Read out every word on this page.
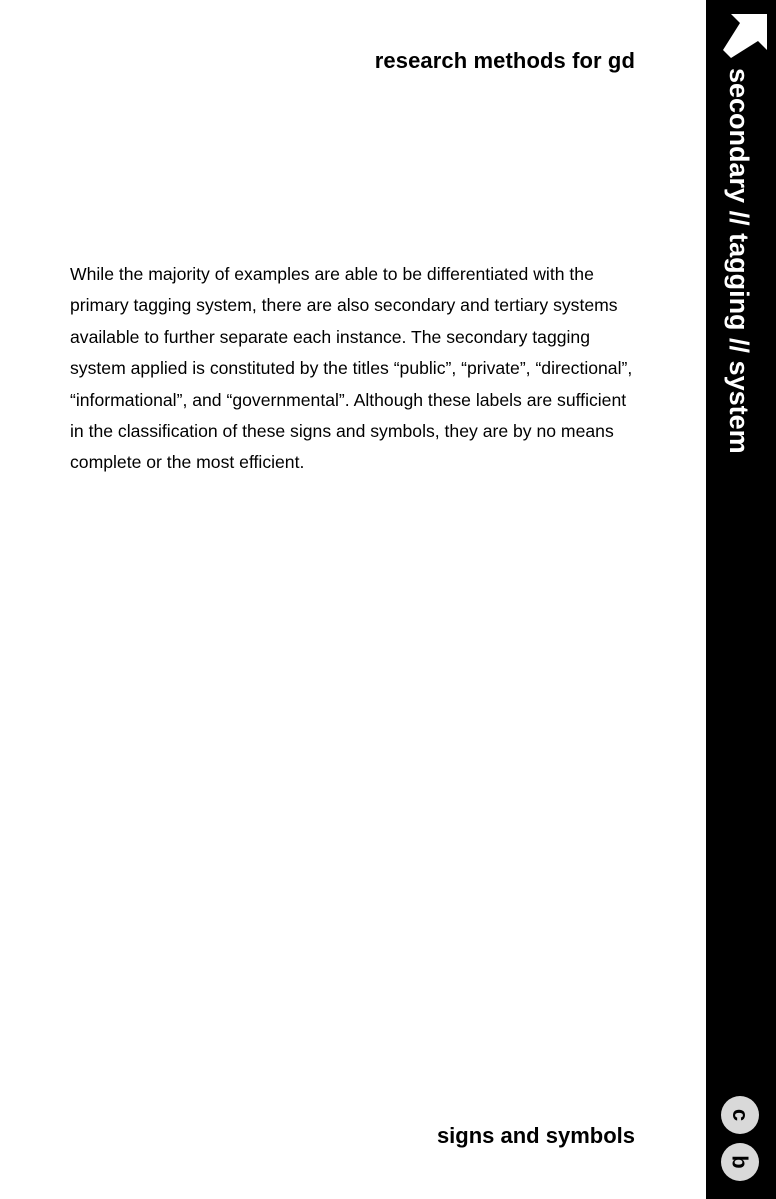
research methods for gd

While the majority of examples are able to be differentiated with the primary tagging system, there are also secondary and tertiary systems available to further separate each instance. The secondary tagging system applied is constituted by the titles “public”, “private”, “directional”, “informational”, and “governmental”. Although these labels are sufficient in the classification of these signs and symbols, they are by no means complete or the most efficient.

signs and symbols
secondary // tagging // system
c
b
